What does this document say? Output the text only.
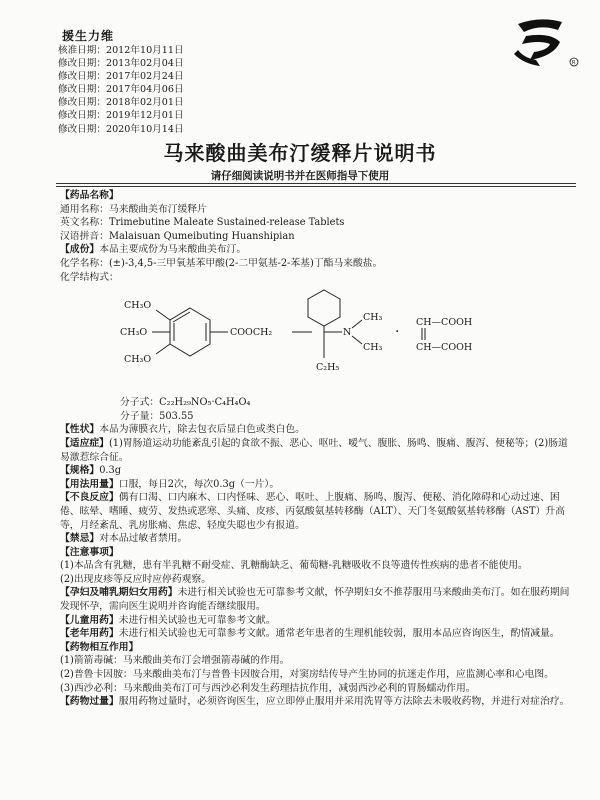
援生力维
R
核准日期：2012年10月11日
修改日期：2013年02月04日
修改日期：2017年02月24日
修改日期：2017年04月06日
修改日期：2018年02月01日
修改日期：2019年12月01日
修改日期：2020年10月14日
马来酸曲美布汀缓释片说明书
请仔细阅读说明书并在医师指导下使用

【药品名称】

通用名称：马来酸曲美布汀缓释片

英文名称：Trimebutine Maleate Sustained-release Tablets

汉语拼音：Malaisuan Qumeibuting Huanshipian

【成份】本品主要成份为马来酸曲美布汀。

化学名称：(±)-3,4,5-三甲氧基苯甲酸(2-二甲氨基-2-苯基)丁酯马来酸盐。

化学结构式：

CH₃O
CH₃O
CH₃O
COOCH₂	N
CH₃
CH₃
C₂H₅
·
CH—COOH
CH—COOH

分子式：C₂₂H₂₉NO₅·C₄H₄O₄

分子量：503.55

【性状】本品为薄膜衣片，除去包衣后显白色或类白色。

【适应症】(1)胃肠道运动功能紊乱引起的食欲不振、恶心、呕吐、嗳气、腹胀、肠鸣、腹痛、腹泻、便秘等；(2)肠道易激惹综合征。

【规格】0.3g

【用法用量】口服，每日2次，每次0.3g（一片）。

【不良反应】偶有口渴、口内麻木、口内怪味、恶心、呕吐、上腹痛、肠鸣、腹泻、便秘、消化障碍和心动过速、困倦、眩晕、嗜睡、疲劳、发热或恶寒、头痛、皮疹、丙氨酸氨基转移酶（ALT）、天门冬氨酸氨基转移酶（AST）升高等，月经紊乱、乳房胀痛、焦虑、轻度失聪也少有报道。

【禁忌】对本品过敏者禁用。

【注意事项】

(1)本品含有乳糖，患有半乳糖不耐受症、乳糖酶缺乏、葡萄糖-乳糖吸收不良等遗传性疾病的患者不能使用。

(2)出现皮疹等反应时应停药观察。

【孕妇及哺乳期妇女用药】未进行相关试验也无可靠参考文献，怀孕期妇女不推荐服用马来酸曲美布汀。如在服药期间发现怀孕，需向医生说明并咨询能否继续服用。

【儿童用药】未进行相关试验也无可靠参考文献。

【老年用药】未进行相关试验也无可靠参考文献。通常老年患者的生理机能较弱，服用本品应咨询医生，酌情减量。

【药物相互作用】

(1)箭箭毒碱：马来酸曲美布汀会增强箭毒碱的作用。

(2)普鲁卡因胺：马来酸曲美布汀与普鲁卡因胺合用，对窦房结传导产生协同的抗迷走作用，应监测心率和心电图。

(3)西沙必利：马来酸曲美布汀可与西沙必利发生药理拮抗作用，减弱西沙必利的胃肠蠕动作用。

【药物过量】服用药物过量时，必须咨询医生，应立即停止服用并采用洗胃等方法除去未吸收药物，并进行对症治疗。
